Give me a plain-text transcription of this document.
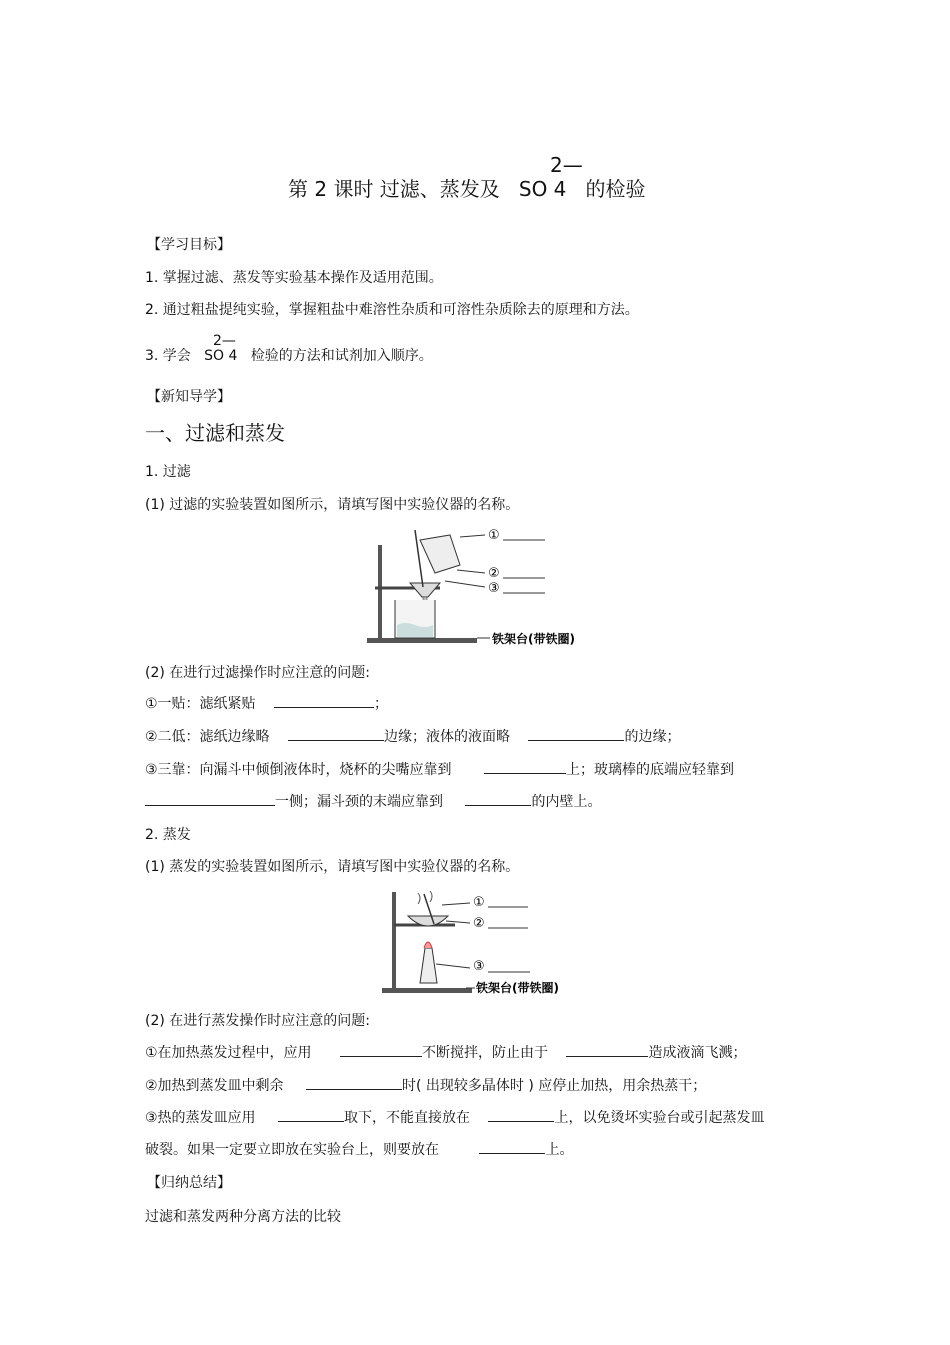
2—
第 2 课时 过滤、蒸发及 SO 4 的检验
【学习目标】
1. 掌握过滤、蒸发等实验基本操作及适用范围。
2. 通过粗盐提纯实验，掌握粗盐中难溶性杂质和可溶性杂质除去的原理和方法。
2—
3. 学会 SO 4 检验的方法和试剂加入顺序。
【新知导学】
一、过滤和蒸发
1. 过滤
(1) 过滤的实验装置如图所示，请填写图中实验仪器的名称。
①
②
③
铁架台(带铁圈)
(2) 在进行过滤操作时应注意的问题:
①一贴：滤纸紧贴	；
②二低：滤纸边缘略	边缘；液体的液面略	的边缘；
③三靠：向漏斗中倾倒液体时，烧杯的尖嘴应靠到	上；玻璃棒的底端应轻靠到
一侧；漏斗颈的末端应靠到	的内壁上。
2. 蒸发
(1) 蒸发的实验装置如图所示，请填写图中实验仪器的名称。
①
②
③
铁架台(带铁圈)
(2) 在进行蒸发操作时应注意的问题:
①在加热蒸发过程中，应用	不断搅拌，防止由于	造成液滴飞溅；
②加热到蒸发皿中剩余	时( 出现较多晶体时 ) 应停止加热，用余热蒸干；
③热的蒸发皿应用	取下，不能直接放在	上，以免烫坏实验台或引起蒸发皿
破裂。如果一定要立即放在实验台上，则要放在	上。
【归纳总结】
过滤和蒸发两种分离方法的比较
